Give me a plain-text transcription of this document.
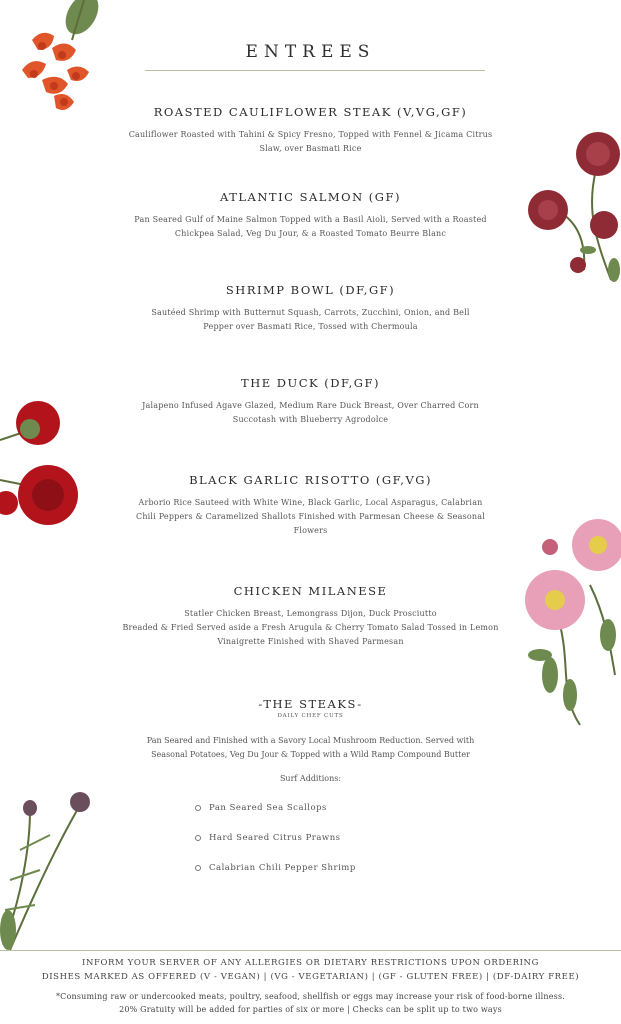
ENTREES
ROASTED CAULIFLOWER STEAK (V,VG,GF)

Cauliflower Roasted with Tahini & Spicy Fresno, Topped with Fennel & Jicama Citrus
Slaw, over Basmati Rice

ATLANTIC SALMON (GF)

Pan Seared Gulf of Maine Salmon Topped with a Basil Aioli, Served with a Roasted
Chickpea Salad, Veg Du Jour, & a Roasted Tomato Beurre Blanc

SHRIMP BOWL (DF,GF)

Sautéed Shrimp with Butternut Squash, Carrots, Zucchini, Onion, and Bell
Pepper over Basmati Rice, Tossed with Chermoula

THE DUCK (DF,GF)

Jalapeno Infused Agave Glazed, Medium Rare Duck Breast, Over Charred Corn
Succotash with Blueberry Agrodolce

BLACK GARLIC RISOTTO (GF,VG)

Arborio Rice Sauteed with White Wine, Black Garlic, Local Asparagus, Calabrian
Chili Peppers & Caramelized Shallots Finished with Parmesan Cheese & Seasonal
Flowers

CHICKEN MILANESE

Statler Chicken Breast, Lemongrass Dijon, Duck Prosciutto
Breaded & Fried Served aside a Fresh Arugula & Cherry Tomato Salad Tossed in Lemon
Vinaigrette Finished with Shaved Parmesan

-THE STEAKS-
DAILY CHEF CUTS
Pan Seared and Finished with a Savory Local Mushroom Reduction. Served with
Seasonal Potatoes, Veg Du Jour & Topped with a Wild Ramp Compound Butter
Surf Additions:
Pan Seared Sea Scallops
Hard Seared Citrus Prawns
Calabrian Chili Pepper Shrimp
INFORM YOUR SERVER OF ANY ALLERGIES OR DIETARY RESTRICTIONS UPON ORDERING
DISHES MARKED AS OFFERED (V - VEGAN) | (VG - VEGETARIAN) | (GF - GLUTEN FREE) | (DF-DAIRY FREE)
*Consuming raw or undercooked meats, poultry, seafood, shellfish or eggs may increase your risk of food-borne illness.
20% Gratuity will be added for parties of six or more | Checks can be split up to two ways
